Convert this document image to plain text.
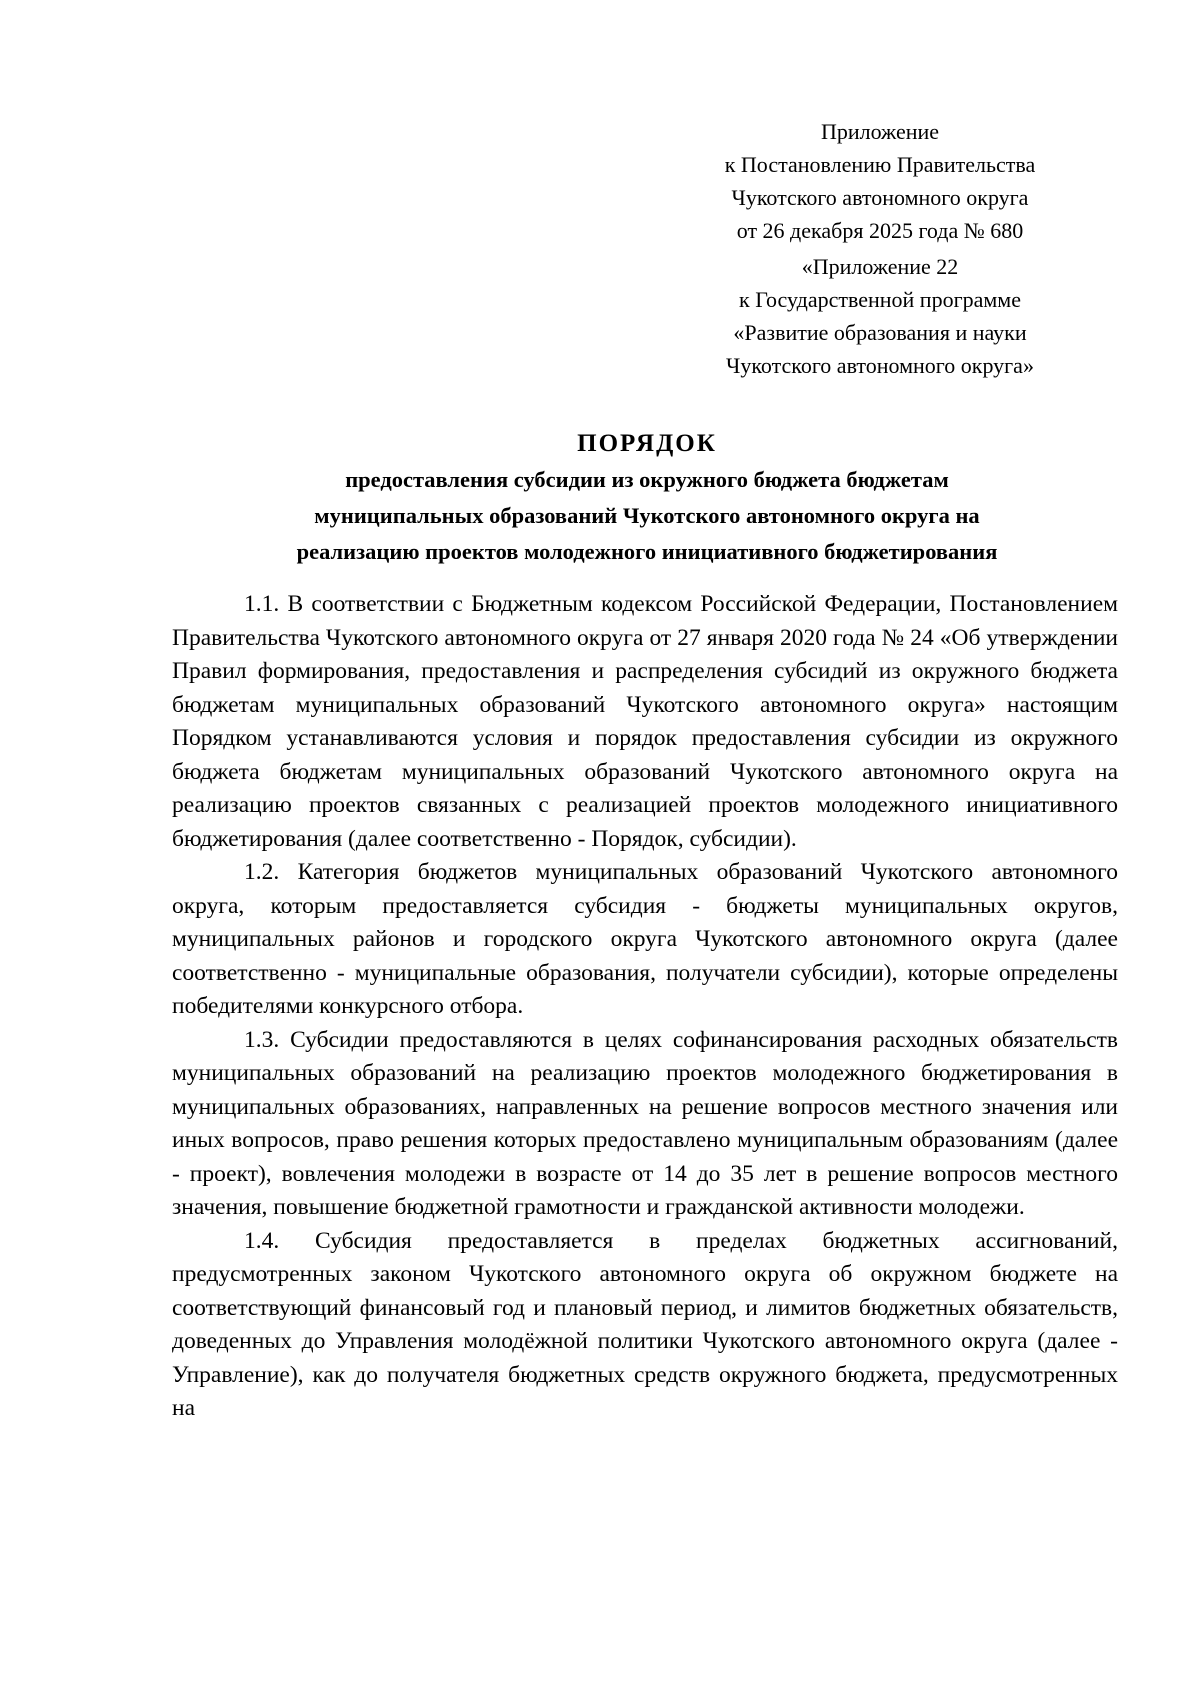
Приложение
к Постановлению Правительства
Чукотского автономного округа
от 26 декабря 2025 года № 680
«Приложение 22
к Государственной программе
«Развитие образования и науки
Чукотского автономного округа»
ПОРЯДОК
предоставления субсидии из окружного бюджета бюджетам
муниципальных образований Чукотского автономного округа на
реализацию проектов молодежного инициативного бюджетирования

1.1. В соответствии с Бюджетным кодексом Российской Федерации, Постановлением Правительства Чукотского автономного округа от 27 января 2020 года № 24 «Об утверждении Правил формирования, предоставления и распределения субсидий из окружного бюджета бюджетам муниципальных образований Чукотского автономного округа» настоящим Порядком устанавливаются условия и порядок предоставления субсидии из окружного бюджета бюджетам муниципальных образований Чукотского автономного округа на реализацию проектов связанных с реализацией проектов молодежного инициативного бюджетирования (далее соответственно - Порядок, субсидии).

1.2. Категория бюджетов муниципальных образований Чукотского автономного округа, которым предоставляется субсидия - бюджеты муниципальных округов, муниципальных районов и городского округа Чукотского автономного округа (далее соответственно - муниципальные образования, получатели субсидии), которые определены победителями конкурсного отбора.

1.3. Субсидии предоставляются в целях софинансирования расходных обязательств муниципальных образований на реализацию проектов молодежного бюджетирования в муниципальных образованиях, направленных на решение вопросов местного значения или иных вопросов, право решения которых предоставлено муниципальным образованиям (далее - проект), вовлечения молодежи в возрасте от 14 до 35 лет в решение вопросов местного значения, повышение бюджетной грамотности и гражданской активности молодежи.

1.4. Субсидия предоставляется в пределах бюджетных ассигнований, предусмотренных законом Чукотского автономного округа об окружном бюджете на соответствующий финансовый год и плановый период, и лимитов бюджетных обязательств, доведенных до Управления молодёжной политики Чукотского автономного округа (далее - Управление), как до получателя бюджетных средств окружного бюджета, предусмотренных на
